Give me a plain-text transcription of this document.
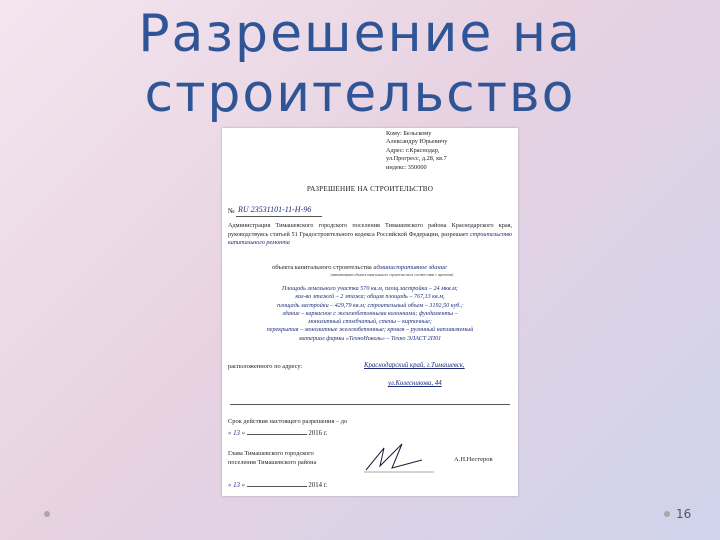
Разрешение на
строительство
Кому: Бельскому
Александру Юрьевичу
Адрес: г.Краснодар,
ул.Прогресс, д.28, кв.7
индекс: 350000
РАЗРЕШЕНИЕ НА СТРОИТЕЛЬСТВО
№ RU 23531101-11-Н-96
Администрация Тимашевского городского поселения Тимашевского района Краснодарского края, руководствуясь статьей 51 Градостроительного кодекса Российской Федерации, разрешает строительство капитального ремонта
объекта капитального строительства административное здание
(наименование объекта капитального строительства в соответствии с проектом)
Площадь земельного участка 570 кв.м, площ.застройки – 24 мкв.м;
кол-во этажей – 2 этажа; общая площадь – 767,13 кв.м,
площадь застройки – 429,79 кв.м; строительный объем – 3192,50 куб.;
здание – каркасное с железобетонными колоннами; фундаменты –
монолитный столбчатый, стены – кирпичные;
перекрытия – монолитные железобетонные; кровля – рулонный наплавляемый
материал фирмы «ТехноНиколь» – Техно ЭЛАСТ 2П01
расположенного по адресу:	Краснодарский край, г.Тимашевск,
ул.Колесникова, 44
Срок действия настоящего разрешения – до
« 13 »	2016 г.
Глава Тимашевского городского
поселения Тимашевского района	А.Н.Нестеров
« 13 »	2014 г.
16
